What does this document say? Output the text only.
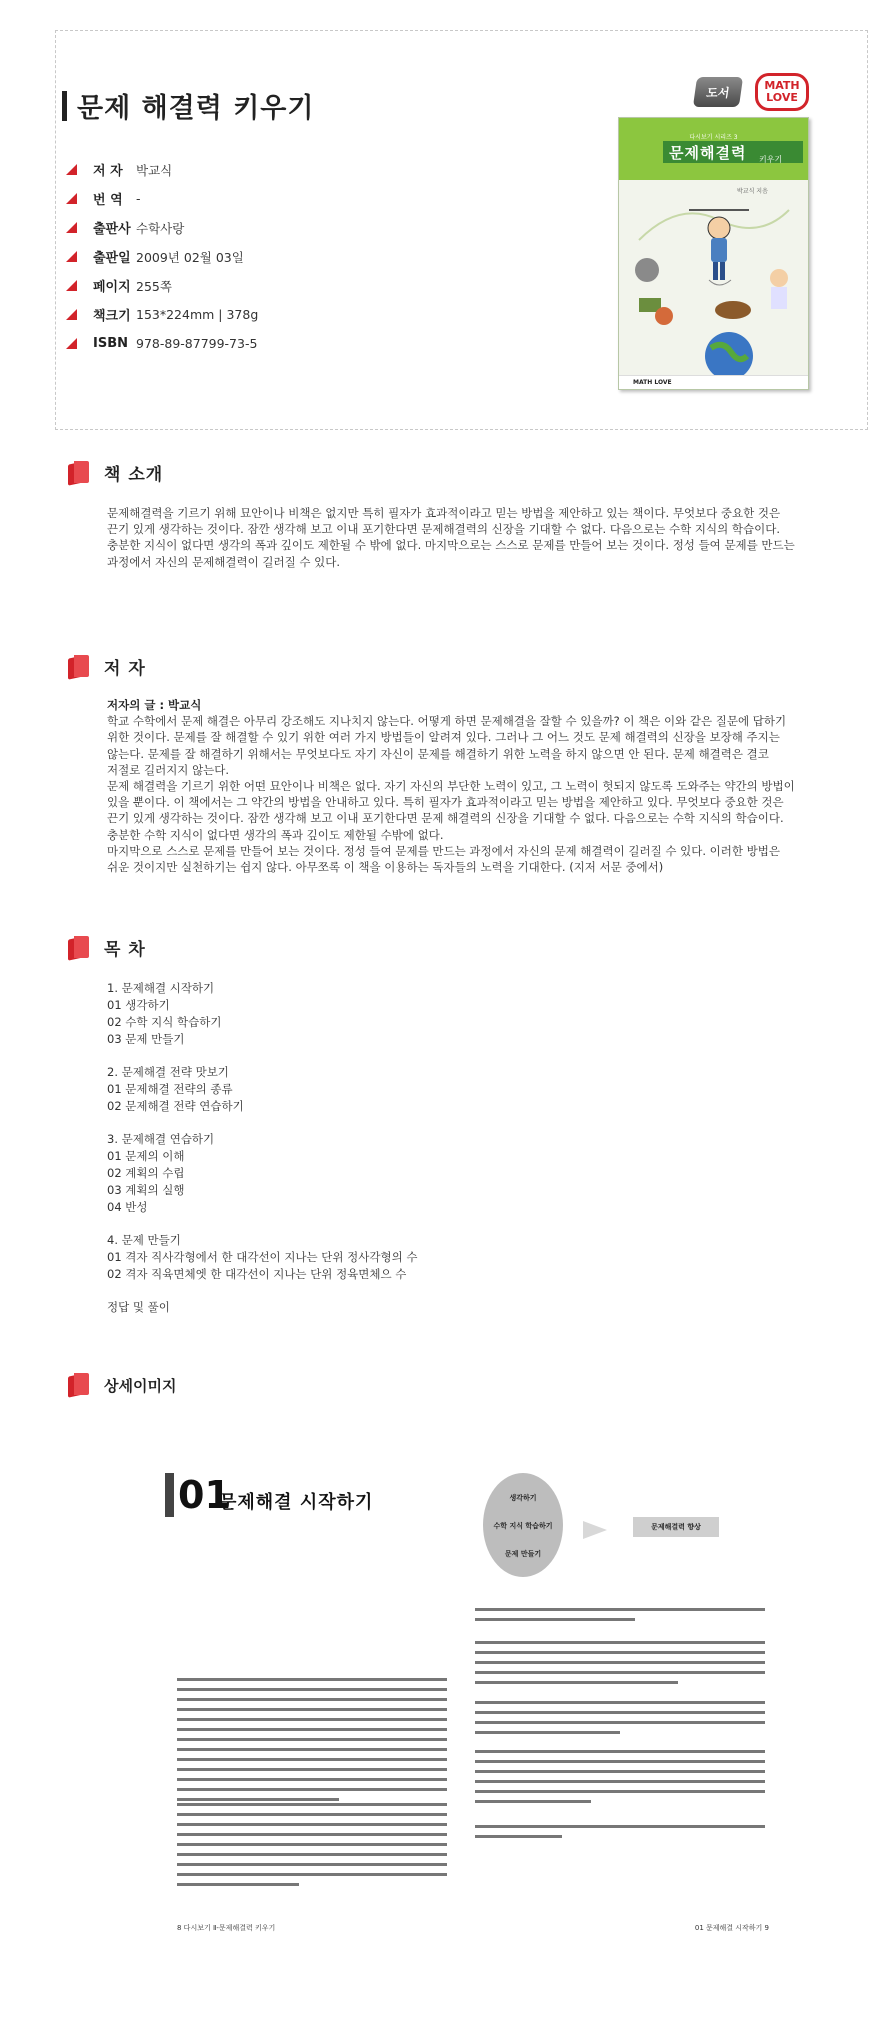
문제 해결력 키우기
저 자	박교식
번 역	-
출판사 수학사랑
출판일 2009년 02월 03일
페이지 255쪽
책크기 153*224mm | 378g
ISBN 978-89-87799-73-5
도서	MATH
LOVE
다시보기 시리즈 3
문제해결력 키우기
박교식 지음
MATH LOVE
책 소개

문제해결력을 기르기 위해 묘안이나 비책은 없지만 특히 필자가 효과적이라고 믿는 방법을 제안하고 있는 책이다. 무엇보다 중요한 것은 끈기 있게 생각하는 것이다. 잠깐 생각해 보고 이내 포기한다면 문제해결력의 신장을 기대할 수 없다. 다음으로는 수학 지식의 학습이다. 충분한 지식이 없다면 생각의 폭과 깊이도 제한될 수 밖에 없다. 마지막으로는 스스로 문제를 만들어 보는 것이다. 정성 들여 문제를 만드는 과정에서 자신의 문제해결력이 길러질 수 있다.

저 자

저자의 글 : 박교식

학교 수학에서 문제 해결은 아무리 강조해도 지나치지 않는다. 어떻게 하면 문제해결을 잘할 수 있을까? 이 책은 이와 같은 질문에 답하기 위한 것이다. 문제를 잘 해결할 수 있기 위한 여러 가지 방법들이 알려져 있다. 그러나 그 어느 것도 문제 해결력의 신장을 보장해 주지는 않는다. 문제를 잘 해결하기 위해서는 무엇보다도 자기 자신이 문제를 해결하기 위한 노력을 하지 않으면 안 된다. 문제 해결력은 결코 저절로 길러지지 않는다.

문제 해결력을 기르기 위한 어떤 묘안이나 비책은 없다. 자기 자신의 부단한 노력이 있고, 그 노력이 헛되지 않도록 도와주는 약간의 방법이 있을 뿐이다. 이 책에서는 그 약간의 방법을 안내하고 있다. 특히 필자가 효과적이라고 믿는 방법을 제안하고 있다. 무엇보다 중요한 것은 끈기 있게 생각하는 것이다. 잠깐 생각해 보고 이내 포기한다면 문제 해결력의 신장을 기대할 수 없다. 다음으로는 수학 지식의 학습이다. 충분한 수학 지식이 없다면 생각의 폭과 깊이도 제한될 수밖에 없다.

마지막으로 스스로 문제를 만들어 보는 것이다. 정성 들여 문제를 만드는 과정에서 자신의 문제 해결력이 길러질 수 있다. 이러한 방법은 쉬운 것이지만 실천하기는 쉽지 않다. 아무쪼록 이 책을 이용하는 독자들의 노력을 기대한다. (지저 서문 중에서)

목 차
1. 문제해결 시작하기
01 생각하기
02 수학 지식 학습하기
03 문제 만들기
2. 문제해결 전략 맛보기
01 문제해결 전략의 종류
02 문제해결 전략 연습하기
3. 문제해결 연습하기
01 문제의 이해
02 계획의 수립
03 계획의 실행
04 반성
4. 문제 만들기
01 격자 직사각형에서 한 대각선이 지나는 단위 정사각형의 수
02 격자 직육면체엣 한 대각선이 지나는 단위 정육면체으 수
정답 및 풀이
상세이미지
01
문제해결 시작하기
8 다시보기 Ⅱ-문제해결력 키우기
생각하기
수학 지식 학습하기
문제 만들기
문제해결력 향상
01 문제해결 시작하기 9
